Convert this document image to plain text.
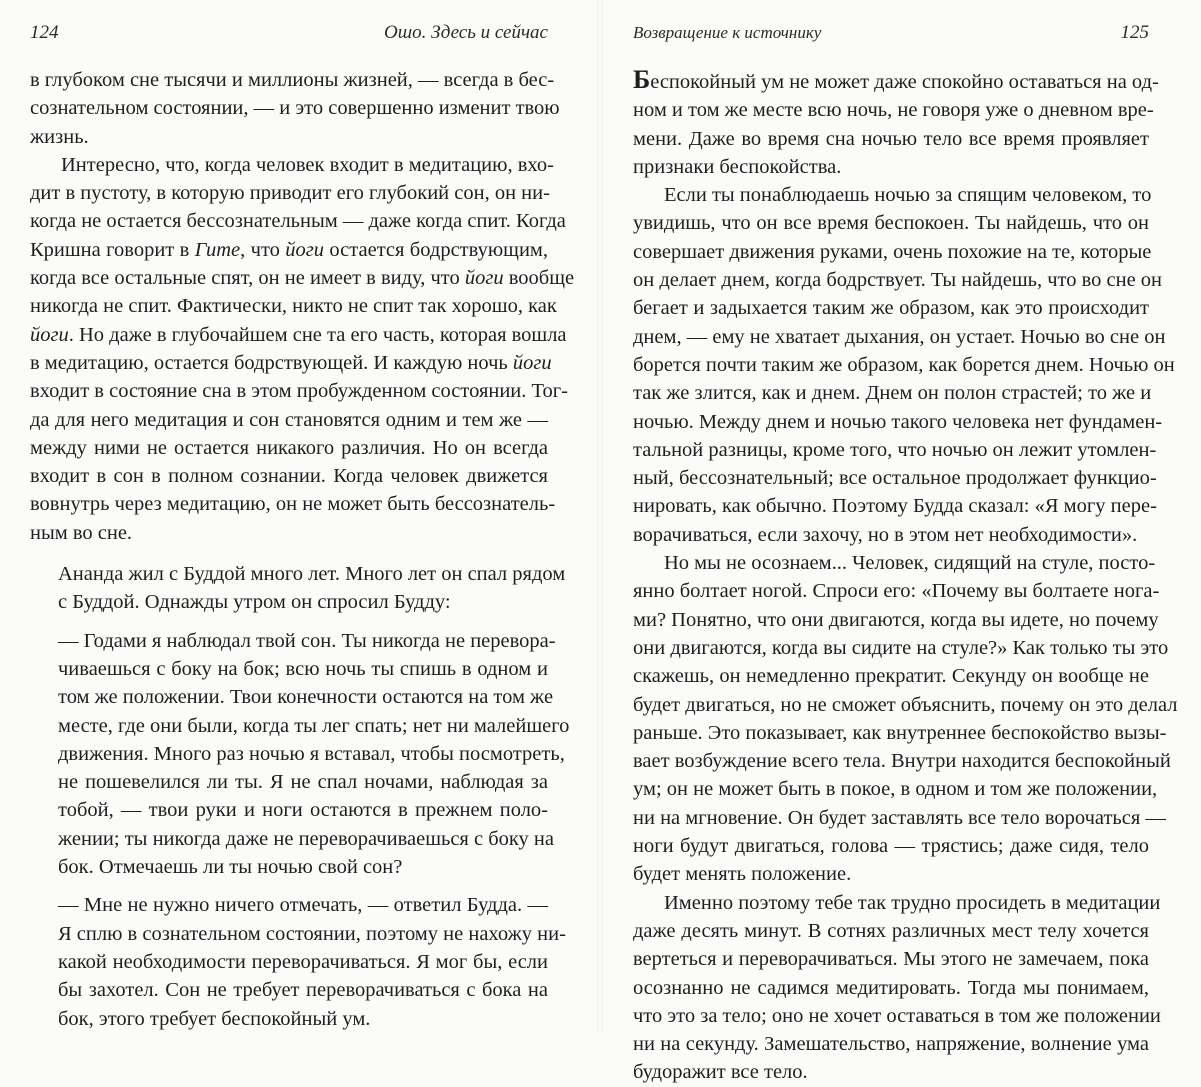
124	Ошо. Здесь и сейчас
в глубоком сне тысячи и миллионы жизней, — всегда в бес-
сознательном состоянии, — и это совершенно изменит твою
жизнь.
Интересно, что, когда человек входит в медитацию, вхо-
дит в пустоту, в которую приводит его глубокий сон, он ни-
когда не остается бессознательным — даже когда спит. Когда
Кришна говорит в Гите, что йоги остается бодрствующим,
когда все остальные спят, он не имеет в виду, что йоги вообще
никогда не спит. Фактически, никто не спит так хорошо, как
йоги. Но даже в глубочайшем сне та его часть, которая вошла
в медитацию, остается бодрствующей. И каждую ночь йоги
входит в состояние сна в этом пробужденном состоянии. Тог-
да для него медитация и сон становятся одним и тем же —
между ними не остается никакого различия. Но он всегда
входит в сон в полном сознании. Когда человек движется
вовнутрь через медитацию, он не может быть бессознатель-
ным во сне.
Ананда жил с Буддой много лет. Много лет он спал рядом
с Буддой. Однажды утром он спросил Будду:
— Годами я наблюдал твой сон. Ты никогда не перевора-
чиваешься с боку на бок; всю ночь ты спишь в одном и
том же положении. Твои конечности остаются на том же
месте, где они были, когда ты лег спать; нет ни малейшего
движения. Много раз ночью я вставал, чтобы посмотреть,
не пошевелился ли ты. Я не спал ночами, наблюдая за
тобой, — твои руки и ноги остаются в прежнем поло-
жении; ты никогда даже не переворачиваешься с боку на
бок. Отмечаешь ли ты ночью свой сон?
— Мне не нужно ничего отмечать, — ответил Будда. —
Я сплю в сознательном состоянии, поэтому не нахожу ни-
какой необходимости переворачиваться. Я мог бы, если
бы захотел. Сон не требует переворачиваться с бока на
бок, этого требует беспокойный ум.
Возвращение к источнику	125
Беспокойный ум не может даже спокойно оставаться на од-
ном и том же месте всю ночь, не говоря уже о дневном вре-
мени. Даже во время сна ночью тело все время проявляет
признаки беспокойства.
Если ты понаблюдаешь ночью за спящим человеком, то
увидишь, что он все время беспокоен. Ты найдешь, что он
совершает движения руками, очень похожие на те, которые
он делает днем, когда бодрствует. Ты найдешь, что во сне он
бегает и задыхается таким же образом, как это происходит
днем, — ему не хватает дыхания, он устает. Ночью во сне он
борется почти таким же образом, как борется днем. Ночью он
так же злится, как и днем. Днем он полон страстей; то же и
ночью. Между днем и ночью такого человека нет фундамен-
тальной разницы, кроме того, что ночью он лежит утомлен-
ный, бессознательный; все остальное продолжает функцио-
нировать, как обычно. Поэтому Будда сказал: «Я могу пере-
ворачиваться, если захочу, но в этом нет необходимости».
Но мы не осознаем... Человек, сидящий на стуле, посто-
янно болтает ногой. Спроси его: «Почему вы болтаете нога-
ми? Понятно, что они двигаются, когда вы идете, но почему
они двигаются, когда вы сидите на стуле?» Как только ты это
скажешь, он немедленно прекратит. Секунду он вообще не
будет двигаться, но не сможет объяснить, почему он это делал
раньше. Это показывает, как внутреннее беспокойство вызы-
вает возбуждение всего тела. Внутри находится беспокойный
ум; он не может быть в покое, в одном и том же положении,
ни на мгновение. Он будет заставлять все тело ворочаться —
ноги будут двигаться, голова — трястись; даже сидя, тело
будет менять положение.
Именно поэтому тебе так трудно просидеть в медитации
даже десять минут. В сотнях различных мест телу хочется
вертеться и переворачиваться. Мы этого не замечаем, пока
осознанно не садимся медитировать. Тогда мы понимаем,
что это за тело; оно не хочет оставаться в том же положении
ни на секунду. Замешательство, напряжение, волнение ума
будоражит все тело.
